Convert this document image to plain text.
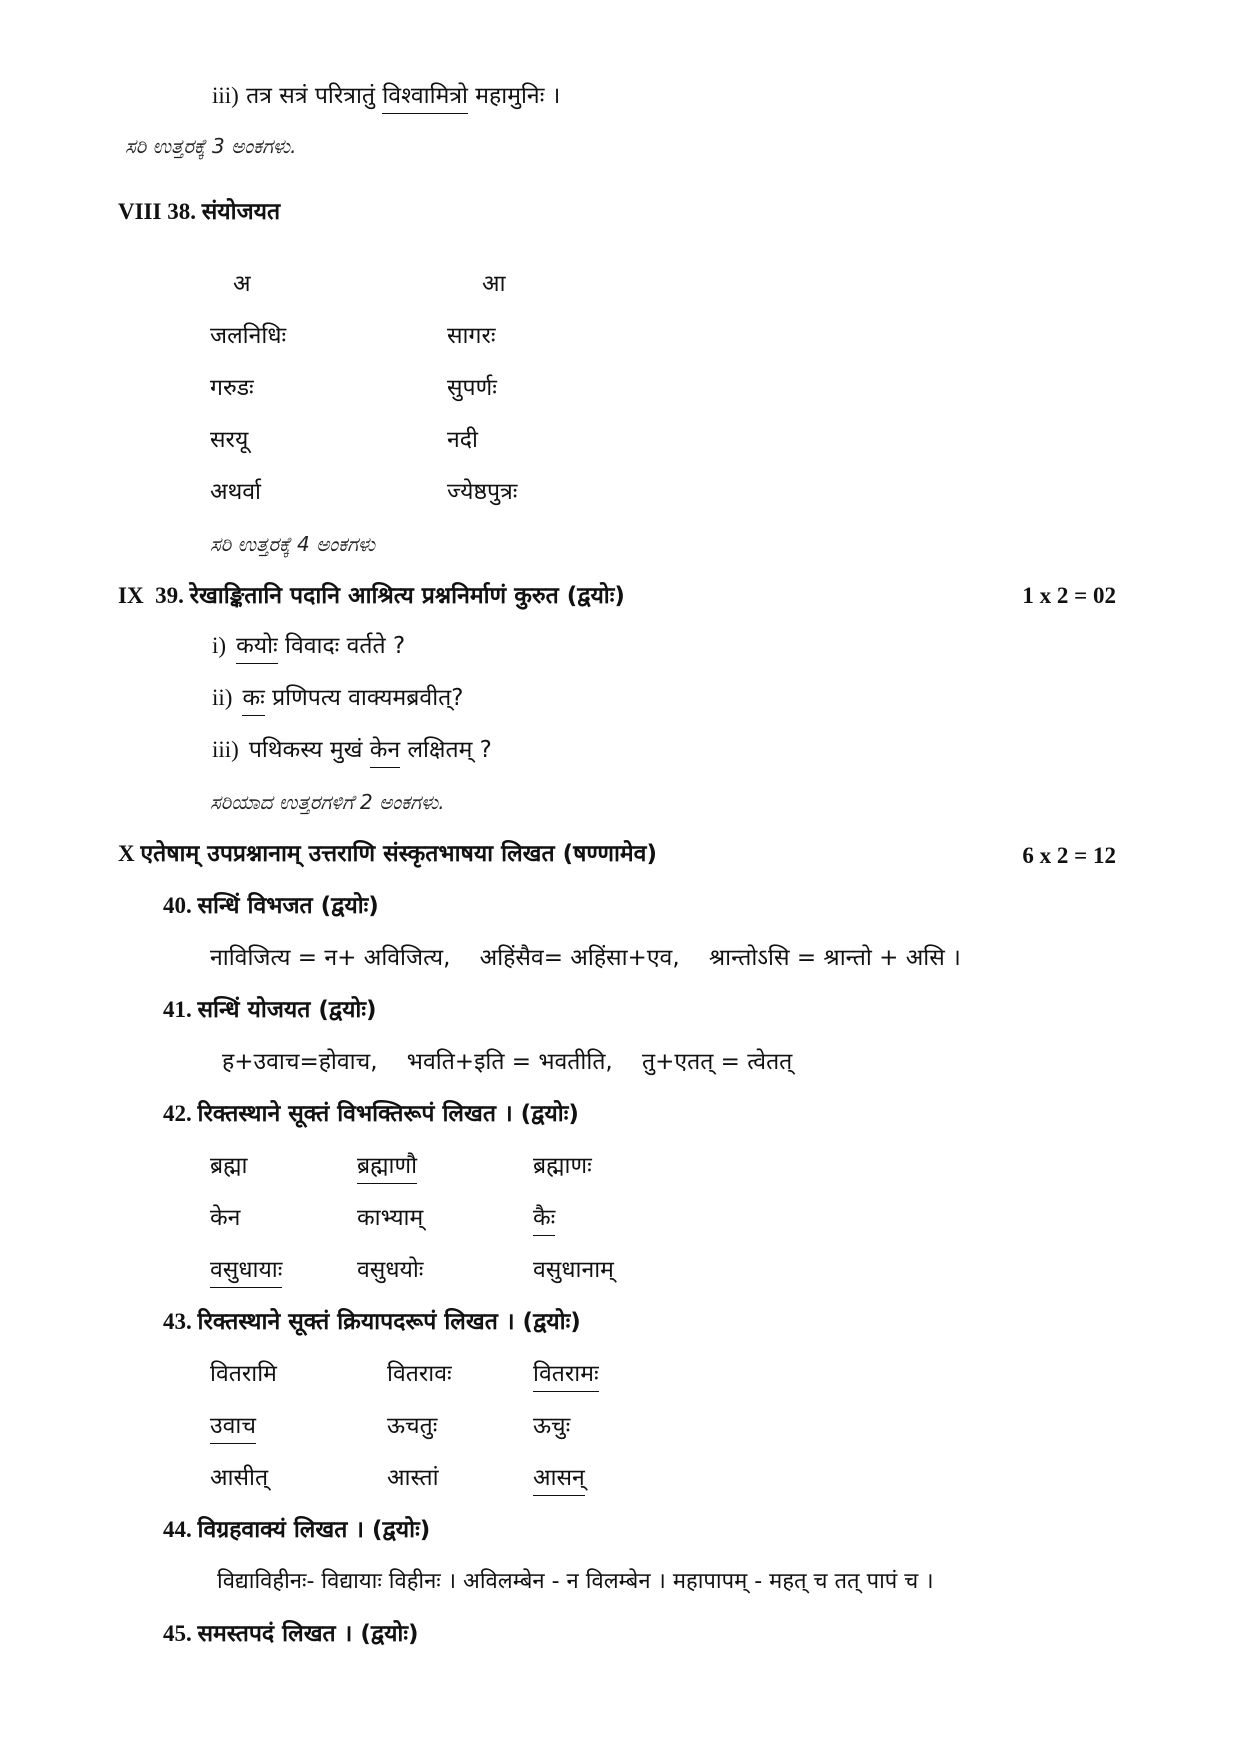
iii) तत्र सत्रं परित्रातुं विश्वामित्रो महामुनिः ।
ಸರಿ ಉತ್ತರಕ್ಕೆ 3 ಅಂಕಗಳು.
VIII 38. संयोजयत
अ	आ
जलनिधिः	सागरः
गरुडः	सुपर्णः
सरयू	नदी
अथर्वा	ज्येष्ठपुत्रः
ಸರಿ ಉತ್ತರಕ್ಕೆ 4 ಅಂಕಗಳು
IX 39. रेखाङ्कितानि पदानि आश्रित्य प्रश्ननिर्माणं कुरुत (द्वयोः)	1 x 2 = 02
i) कयोः विवादः वर्तते ?
ii) कः प्रणिपत्य वाक्यमब्रवीत्?
iii) पथिकस्य मुखं केन लक्षितम् ?
ಸರಿಯಾದ ಉತ್ತರಗಳಿಗೆ 2 ಅಂಕಗಳು.
X एतेषाम् उपप्रश्नानाम् उत्तराणि संस्कृतभाषया लिखत (षण्णामेव)	6 x 2 = 12
40. सन्धिं विभजत (द्वयोः)
नाविजित्य = न+ अविजित्य,    अहिंसैव= अहिंसा+एव,    श्रान्तोऽसि = श्रान्तो + असि ।
41. सन्धिं योजयत (द्वयोः)
ह+उवाच=होवाच,    भवति+इति = भवतीति,    तु+एतत् = त्वेतत्
42. रिक्तस्थाने सूक्तं विभक्तिरूपं लिखत । (द्वयोः)
ब्रह्मा	ब्रह्माणौ	ब्रह्माणः
केन	काभ्याम्	कैः
वसुधायाः	वसुधयोः	वसुधानाम्
43. रिक्तस्थाने सूक्तं क्रियापदरूपं लिखत । (द्वयोः)
वितरामि	वितरावः	वितरामः
उवाच	ऊचतुः	ऊचुः
आसीत्	आस्तां	आसन्
44. विग्रहवाक्यं लिखत । (द्वयोः)
विद्याविहीनः- विद्यायाः विहीनः । अविलम्बेन - न विलम्बेन । महापापम् - महत् च तत् पापं च ।
45. समस्तपदं लिखत । (द्वयोः)
